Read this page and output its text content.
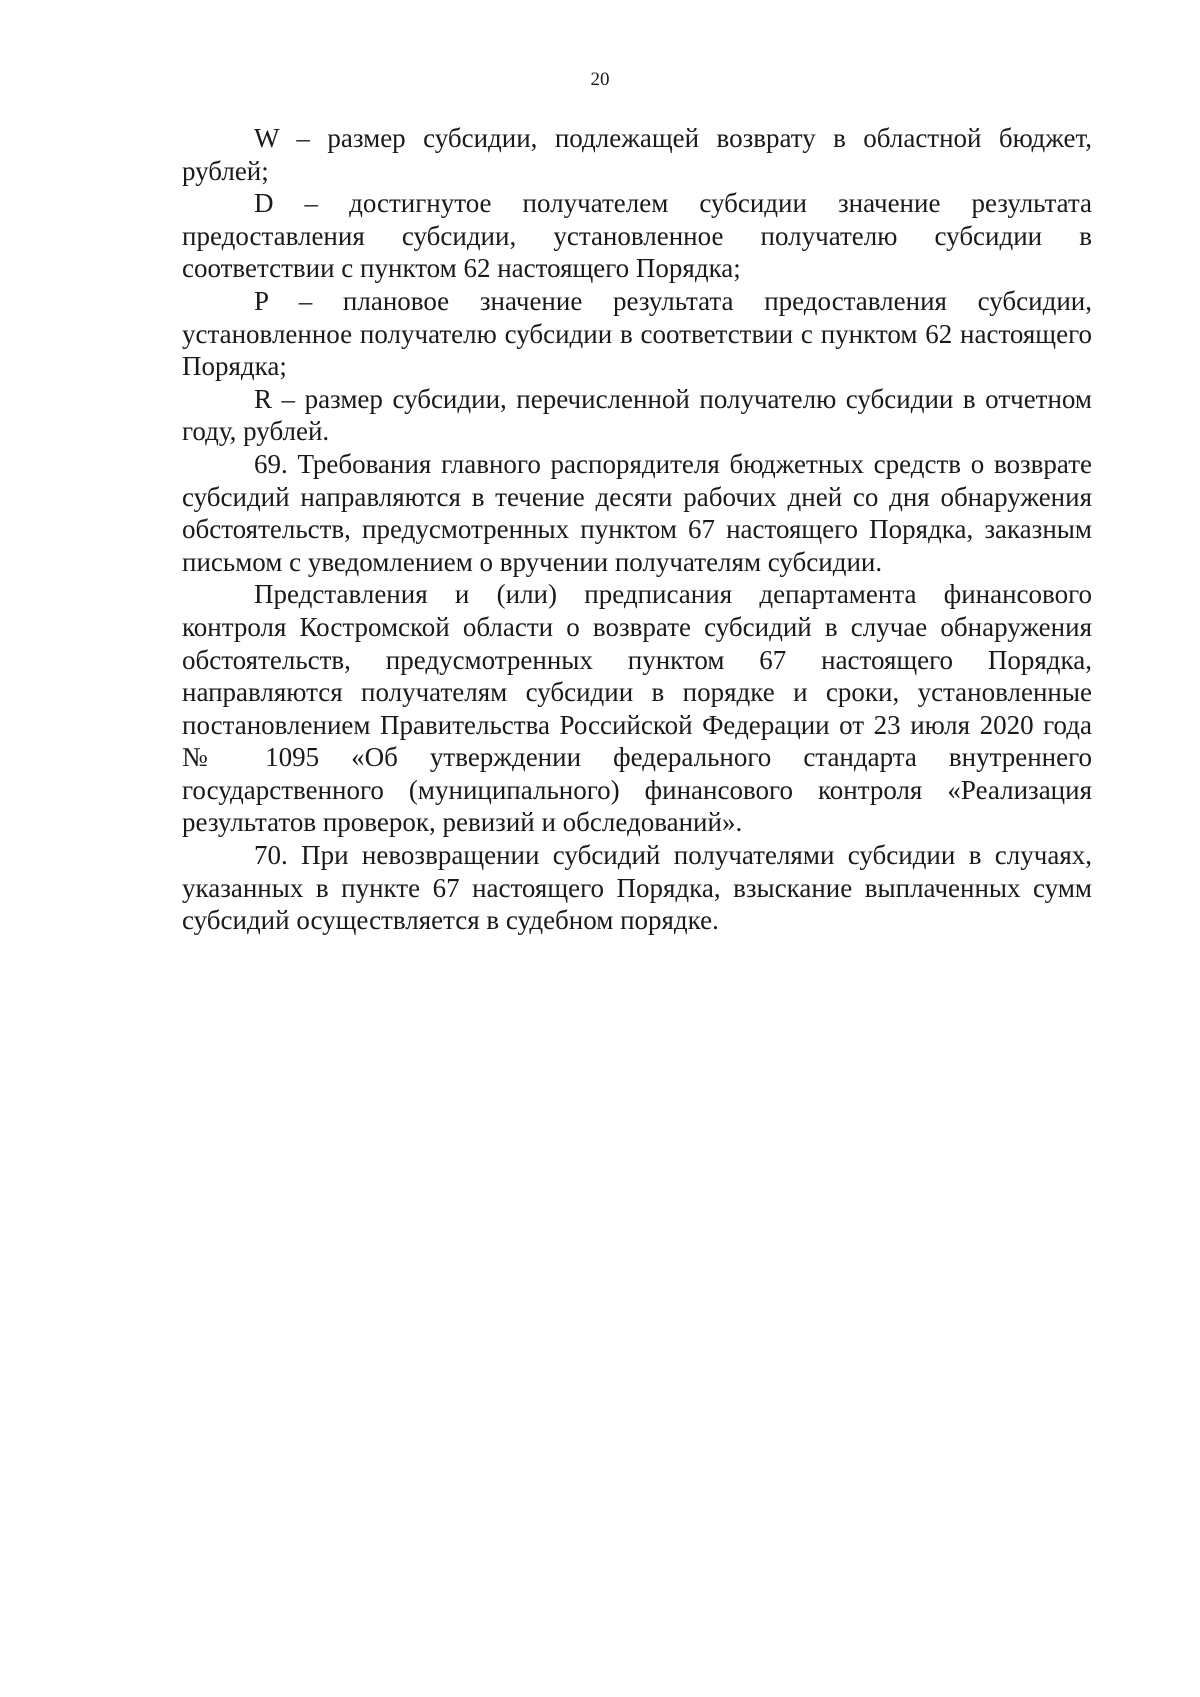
20

W – размер субсидии, подлежащей возврату в областной бюджет, рублей;

D – достигнутое получателем субсидии значение результата предоставления субсидии, установленное получателю субсидии в соответствии с пунктом 62 настоящего Порядка;

P – плановое значение результата предоставления субсидии, установленное получателю субсидии в соответствии с пунктом 62 настоящего Порядка;

R – размер субсидии, перечисленной получателю субсидии в отчетном году, рублей.

69. Требования главного распорядителя бюджетных средств о возврате субсидий направляются в течение десяти рабочих дней со дня обнаружения обстоятельств, предусмотренных пунктом 67 настоящего Порядка, заказным письмом с уведомлением о вручении получателям субсидии.

Представления и (или) предписания департамента финансового контроля Костромской области о возврате субсидий в случае обнаружения обстоятельств, предусмотренных пунктом 67 настоящего Порядка, направляются получателям субсидии в порядке и сроки, установленные постановлением Правительства Российской Федерации от 23 июля 2020 года № 1095 «Об утверждении федерального стандарта внутреннего государственного (муниципального) финансового контроля «Реализация результатов проверок, ревизий и обследований».

70. При невозвращении субсидий получателями субсидии в случаях, указанных в пункте 67 настоящего Порядка, взыскание выплаченных сумм субсидий осуществляется в судебном порядке.
